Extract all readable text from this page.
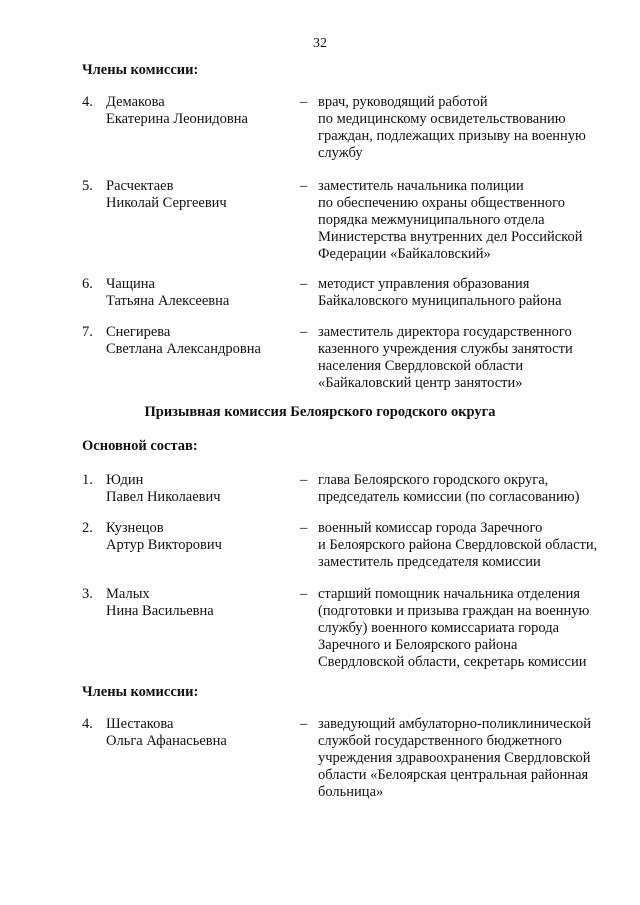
32
Члены комиссии:
4. Демакова
Екатерина Леонидовна
– врач, руководящий работой
по медицинскому освидетельствованию
граждан, подлежащих призыву на военную
службу
5. Расчектаев
Николай Сергеевич
– заместитель начальника полиции
по обеспечению охраны общественного
порядка межмуниципального отдела
Министерства внутренних дел Российской
Федерации «Байкаловский»
6. Чащина
Татьяна Алексеевна
– методист управления образования
Байкаловского муниципального района
7. Снегирева
Светлана Александровна
– заместитель директора государственного
казенного учреждения службы занятости
населения Свердловской области
«Байкаловский центр занятости»
Призывная комиссия Белоярского городского округа
Основной состав:
1. Юдин
Павел Николаевич
– глава Белоярского городского округа,
председатель комиссии (по согласованию)
2. Кузнецов
Артур Викторович
– военный комиссар города Заречного
и Белоярского района Свердловской области,
заместитель председателя комиссии
3. Малых
Нина Васильевна
– старший помощник начальника отделения
(подготовки и призыва граждан на военную
службу) военного комиссариата города
Заречного и Белоярского района
Свердловской области, секретарь комиссии
Члены комиссии:
4. Шестакова
Ольга Афанасьевна
– заведующий амбулаторно-поликлинической
службой государственного бюджетного
учреждения здравоохранения Свердловской
области «Белоярская центральная районная
больница»
